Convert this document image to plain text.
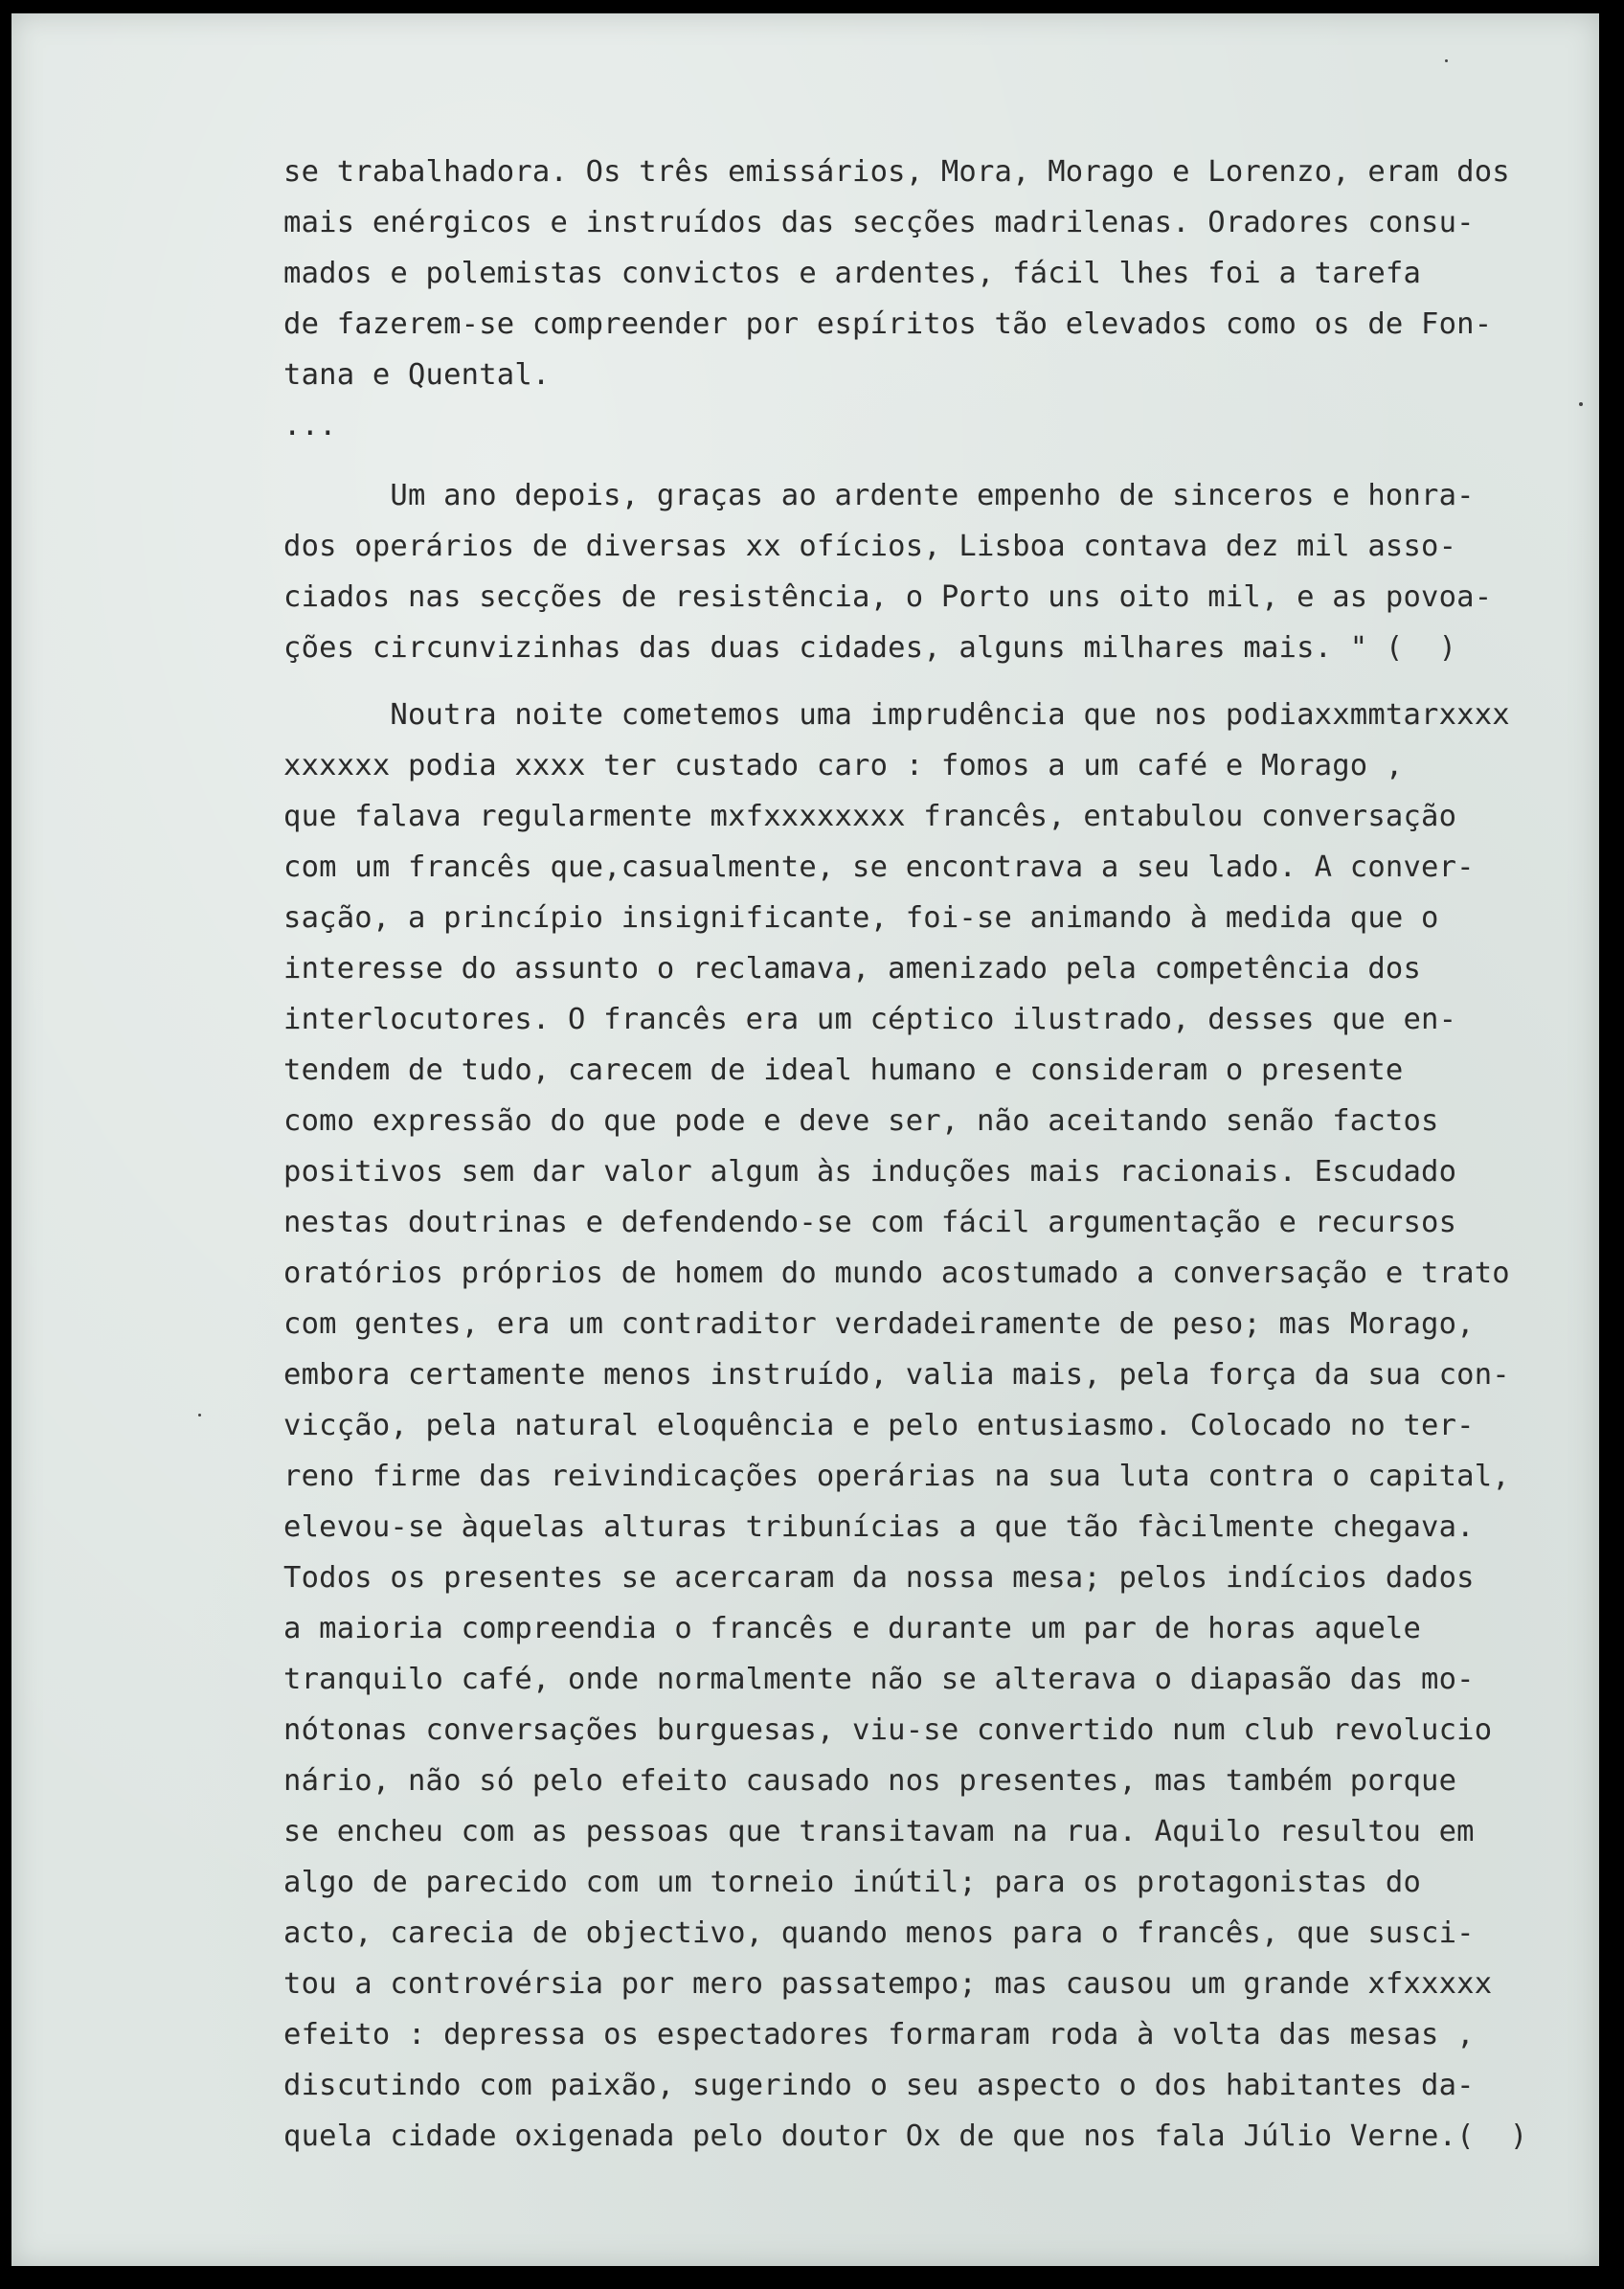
se trabalhadora. Os três emissários, Mora, Morago e Lorenzo, eram dos
mais enérgicos e instruídos das secções madrilenas. Oradores consu-
mados e polemistas convictos e ardentes, fácil lhes foi a tarefa
de fazerem-se compreender por espíritos tão elevados como os de Fon-
tana e Quental.
...
Um ano depois, graças ao ardente empenho de sinceros e honra-
dos operários de diversas xx ofícios, Lisboa contava dez mil asso-
ciados nas secções de resistência, o Porto uns oito mil, e as povoa-
ções circunvizinhas das duas cidades, alguns milhares mais. " (  )
Noutra noite cometemos uma imprudência que nos podiaxxmmtarxxxx
xxxxxx podia xxxx ter custado caro : fomos a um café e Morago ,
que falava regularmente mxfxxxxxxxx francês, entabulou conversação
com um francês que,casualmente, se encontrava a seu lado. A conver-
sação, a princípio insignificante, foi-se animando à medida que o
interesse do assunto o reclamava, amenizado pela competência dos
interlocutores. O francês era um céptico ilustrado, desses que en-
tendem de tudo, carecem de ideal humano e consideram o presente
como expressão do que pode e deve ser, não aceitando senão factos
positivos sem dar valor algum às induções mais racionais. Escudado
nestas doutrinas e defendendo-se com fácil argumentação e recursos
oratórios próprios de homem do mundo acostumado a conversação e trato
com gentes, era um contraditor verdadeiramente de peso; mas Morago,
embora certamente menos instruído, valia mais, pela força da sua con-
vicção, pela natural eloquência e pelo entusiasmo. Colocado no ter-
reno firme das reivindicações operárias na sua luta contra o capital,
elevou-se àquelas alturas tribunícias a que tão fàcilmente chegava.
Todos os presentes se acercaram da nossa mesa; pelos indícios dados
a maioria compreendia o francês e durante um par de horas aquele
tranquilo café, onde normalmente não se alterava o diapasão das mo-
nótonas conversações burguesas, viu-se convertido num club revolucio
nário, não só pelo efeito causado nos presentes, mas também porque
se encheu com as pessoas que transitavam na rua. Aquilo resultou em
algo de parecido com um torneio inútil; para os protagonistas do
acto, carecia de objectivo, quando menos para o francês, que susci-
tou a controvérsia por mero passatempo; mas causou um grande xfxxxxx
efeito : depressa os espectadores formaram roda à volta das mesas ,
discutindo com paixão, sugerindo o seu aspecto o dos habitantes da-
quela cidade oxigenada pelo doutor Ox de que nos fala Júlio Verne.(  )
